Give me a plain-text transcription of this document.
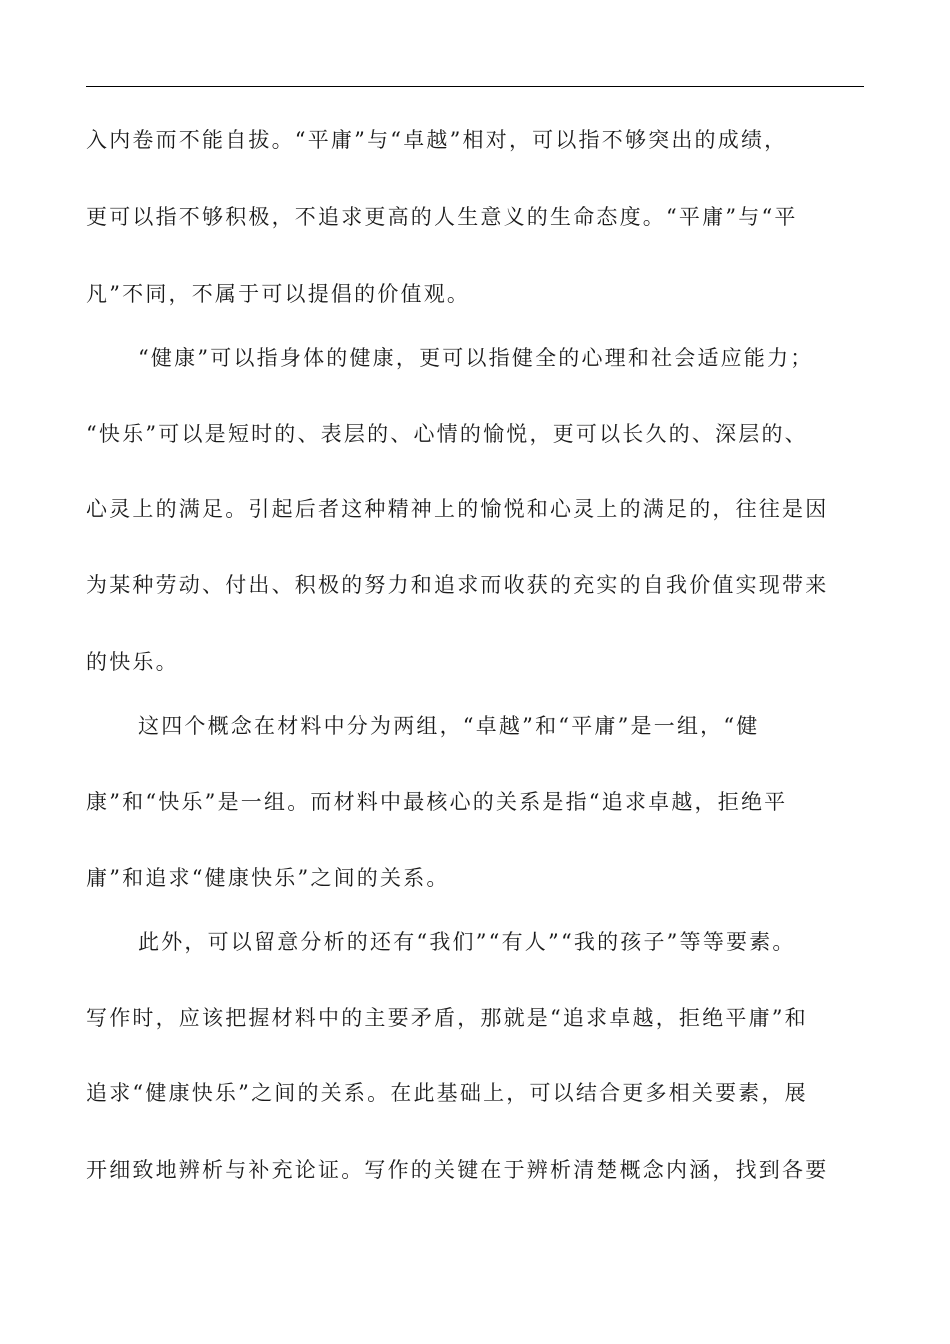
入内卷而不能自拔。“平庸”与“卓越”相对，可以指不够突出的成绩，
更可以指不够积极，不追求更高的人生意义的生命态度。“平庸”与“平
凡”不同，不属于可以提倡的价值观。
“健康”可以指身体的健康，更可以指健全的心理和社会适应能力；
“快乐”可以是短时的、表层的、心情的愉悦，更可以长久的、深层的、
心灵上的满足。引起后者这种精神上的愉悦和心灵上的满足的，往往是因
为某种劳动、付出、积极的努力和追求而收获的充实的自我价值实现带来
的快乐。
这四个概念在材料中分为两组，“卓越”和“平庸”是一组，“健
康”和“快乐”是一组。而材料中最核心的关系是指“追求卓越，拒绝平
庸”和追求“健康快乐”之间的关系。
此外，可以留意分析的还有“我们”“有人”“我的孩子”等等要素。
写作时，应该把握材料中的主要矛盾，那就是“追求卓越，拒绝平庸”和
追求“健康快乐”之间的关系。在此基础上，可以结合更多相关要素，展
开细致地辨析与补充论证。写作的关键在于辨析清楚概念内涵，找到各要
